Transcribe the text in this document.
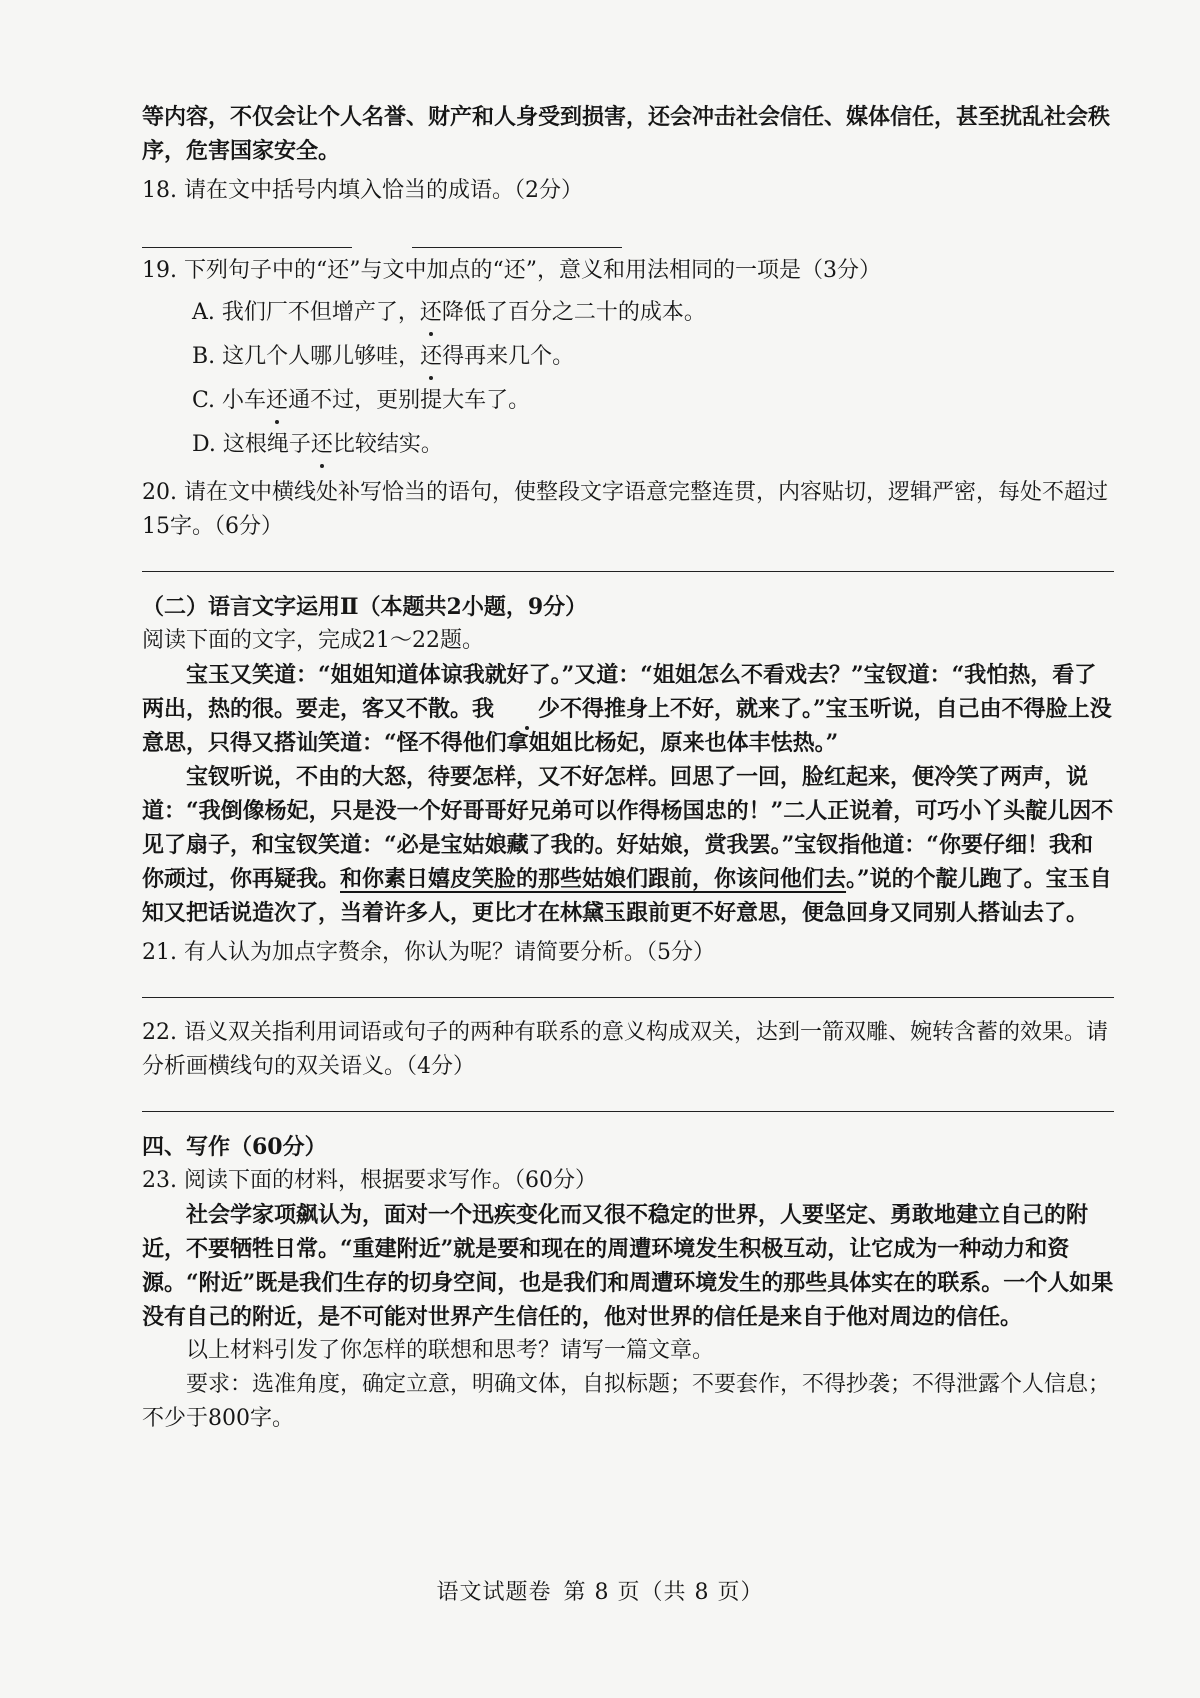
等内容，不仅会让个人名誉、财产和人身受到损害，还会冲击社会信任、媒体信任，甚至扰乱社会秩序，危害国家安全。

18. 请在文中括号内填入恰当的成语。（2分）

19. 下列句子中的“还”与文中加点的“还”，意义和用法相同的一项是（3分）

A. 我们厂不但增产了，还降低了百分之二十的成本。

B. 这几个人哪儿够哇，还得再来几个。

C. 小车还通不过，更别提大车了。

D. 这根绳子还比较结实。

20. 请在文中横线处补写恰当的语句，使整段文字语意完整连贯，内容贴切，逻辑严密，每处不超过15字。（6分）

（二）语言文字运用Ⅱ（本题共2小题，9分）

阅读下面的文字，完成21～22题。

宝玉又笑道：“姐姐知道体谅我就好了。”又道：“姐姐怎么不看戏去？”宝钗道：“我怕热，看了两出，热的很。要走，客又不散。我 少不得推身上不好，就来了。”宝玉听说，自己由不得脸上没意思，只得又搭讪笑道：“怪不得他们拿姐姐比杨妃，原来也体丰怯热。”

宝钗听说，不由的大怒，待要怎样，又不好怎样。回思了一回，脸红起来，便冷笑了两声，说道：“我倒像杨妃，只是没一个好哥哥好兄弟可以作得杨国忠的！”二人正说着，可巧小丫头靛儿因不见了扇子，和宝钗笑道：“必是宝姑娘藏了我的。好姑娘，赏我罢。”宝钗指他道：“你要仔细！我和你顽过，你再疑我。和你素日嬉皮笑脸的那些姑娘们跟前，你该问他们去。”说的个靛儿跑了。宝玉自知又把话说造次了，当着许多人，更比才在林黛玉跟前更不好意思，便急回身又同别人搭讪去了。

21. 有人认为加点字赘余，你认为呢？请简要分析。（5分）

22. 语义双关指利用词语或句子的两种有联系的意义构成双关，达到一箭双雕、婉转含蓄的效果。请分析画横线句的双关语义。（4分）

四、写作（60分）

23. 阅读下面的材料，根据要求写作。（60分）

社会学家项飙认为，面对一个迅疾变化而又很不稳定的世界，人要坚定、勇敢地建立自己的附近，不要牺牲日常。“重建附近”就是要和现在的周遭环境发生积极互动，让它成为一种动力和资源。“附近”既是我们生存的切身空间，也是我们和周遭环境发生的那些具体实在的联系。一个人如果没有自己的附近，是不可能对世界产生信任的，他对世界的信任是来自于他对周边的信任。

以上材料引发了你怎样的联想和思考？请写一篇文章。

要求：选准角度，确定立意，明确文体，自拟标题；不要套作，不得抄袭；不得泄露个人信息；不少于800字。

语文试题卷 第 8 页（共 8 页）
